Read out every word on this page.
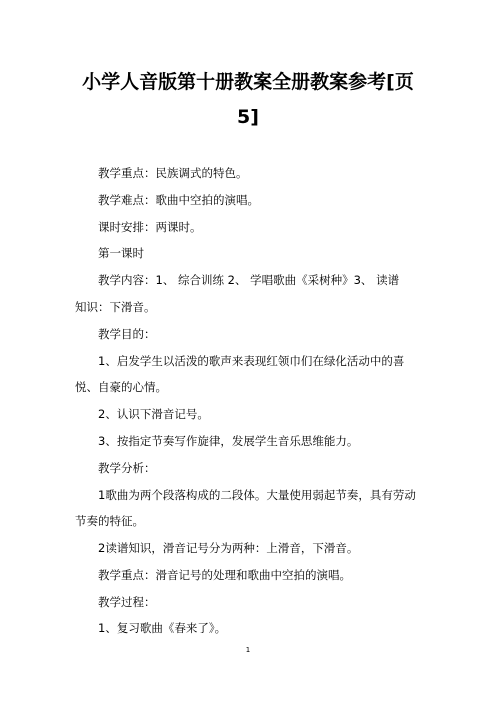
小学人音版第十册教案全册教案参考[页
5]
教学重点：民族调式的特色。
教学难点：歌曲中空拍的演唱。
课时安排：两课时。
第一课时
教学内容：1、 综合训练 2、 学唱歌曲《采树种》3、 读谱
知识：下滑音。
教学目的：
1、启发学生以活泼的歌声来表现红领巾们在绿化活动中的喜
悦、自豪的心情。
2、认识下滑音记号。
3、按指定节奏写作旋律，发展学生音乐思维能力。
教学分析：
1歌曲为两个段落构成的二段体。大量使用弱起节奏，具有劳动
节奏的特征。
2读谱知识，滑音记号分为两种：上滑音，下滑音。
教学重点：滑音记号的处理和歌曲中空拍的演唱。
教学过程：
1、复习歌曲《春来了》。
1
